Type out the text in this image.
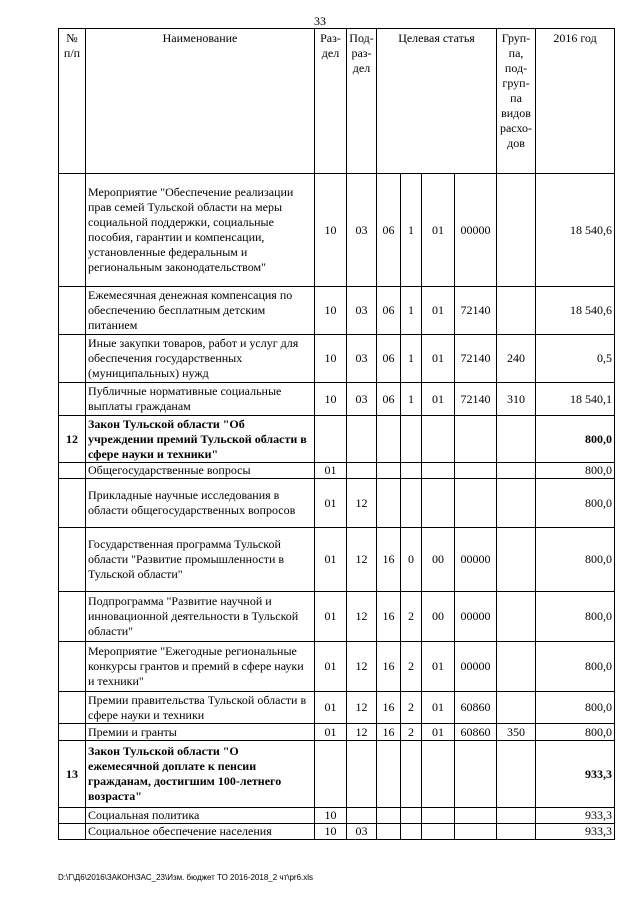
33
№ п/п	Наименование	Раз- дел	Под- раз- дел	Целевая статья				Груп- па, под- груп- па видов расхо- дов	2016 год
	Мероприятие "Обеспечение реализации прав семей Тульской области на меры социальной поддержки, социальные пособия, гарантии и компенсации, установленные федеральным и региональным законодательством"	10	03	06	1	01	00000		18 540,6
	Ежемесячная денежная компенсация по обеспечению бесплатным детским питанием	10	03	06	1	01	72140		18 540,6
	Иные закупки товаров, работ и услуг для обеспечения государственных (муниципальных) нужд	10	03	06	1	01	72140	240	0,5
	Публичные нормативные социальные выплаты гражданам	10	03	06	1	01	72140	310	18 540,1
12	Закон Тульской области "Об учреждении премий Тульской области в сфере науки и техники"								800,0
	Общегосударственные вопросы	01							800,0
	Прикладные научные исследования в области общегосударственных вопросов	01	12						800,0
	Государственная программа Тульской области "Развитие промышленности в Тульской области"	01	12	16	0	00	00000		800,0
	Подпрограмма "Развитие научной и инновационной деятельности в Тульской области"	01	12	16	2	00	00000		800,0
	Мероприятие "Ежегодные региональные конкурсы грантов и премий в сфере науки и техники"	01	12	16	2	01	00000		800,0
	Премии правительства Тульской области в сфере науки и техники	01	12	16	2	01	60860		800,0
	Премии и гранты	01	12	16	2	01	60860	350	800,0
13	Закон Тульской области "О ежемесячной доплате к пенсии гражданам, достигшим 100-летнего возраста"								933,3
	Социальная политика	10							933,3
	Социальное обеспечение населения	10	03						933,3
D:\Г\Д6\2016\ЗАКОН\ЗАС_23\Изм. бюджет ТО 2016-2018_2 чт\pr6.xls
